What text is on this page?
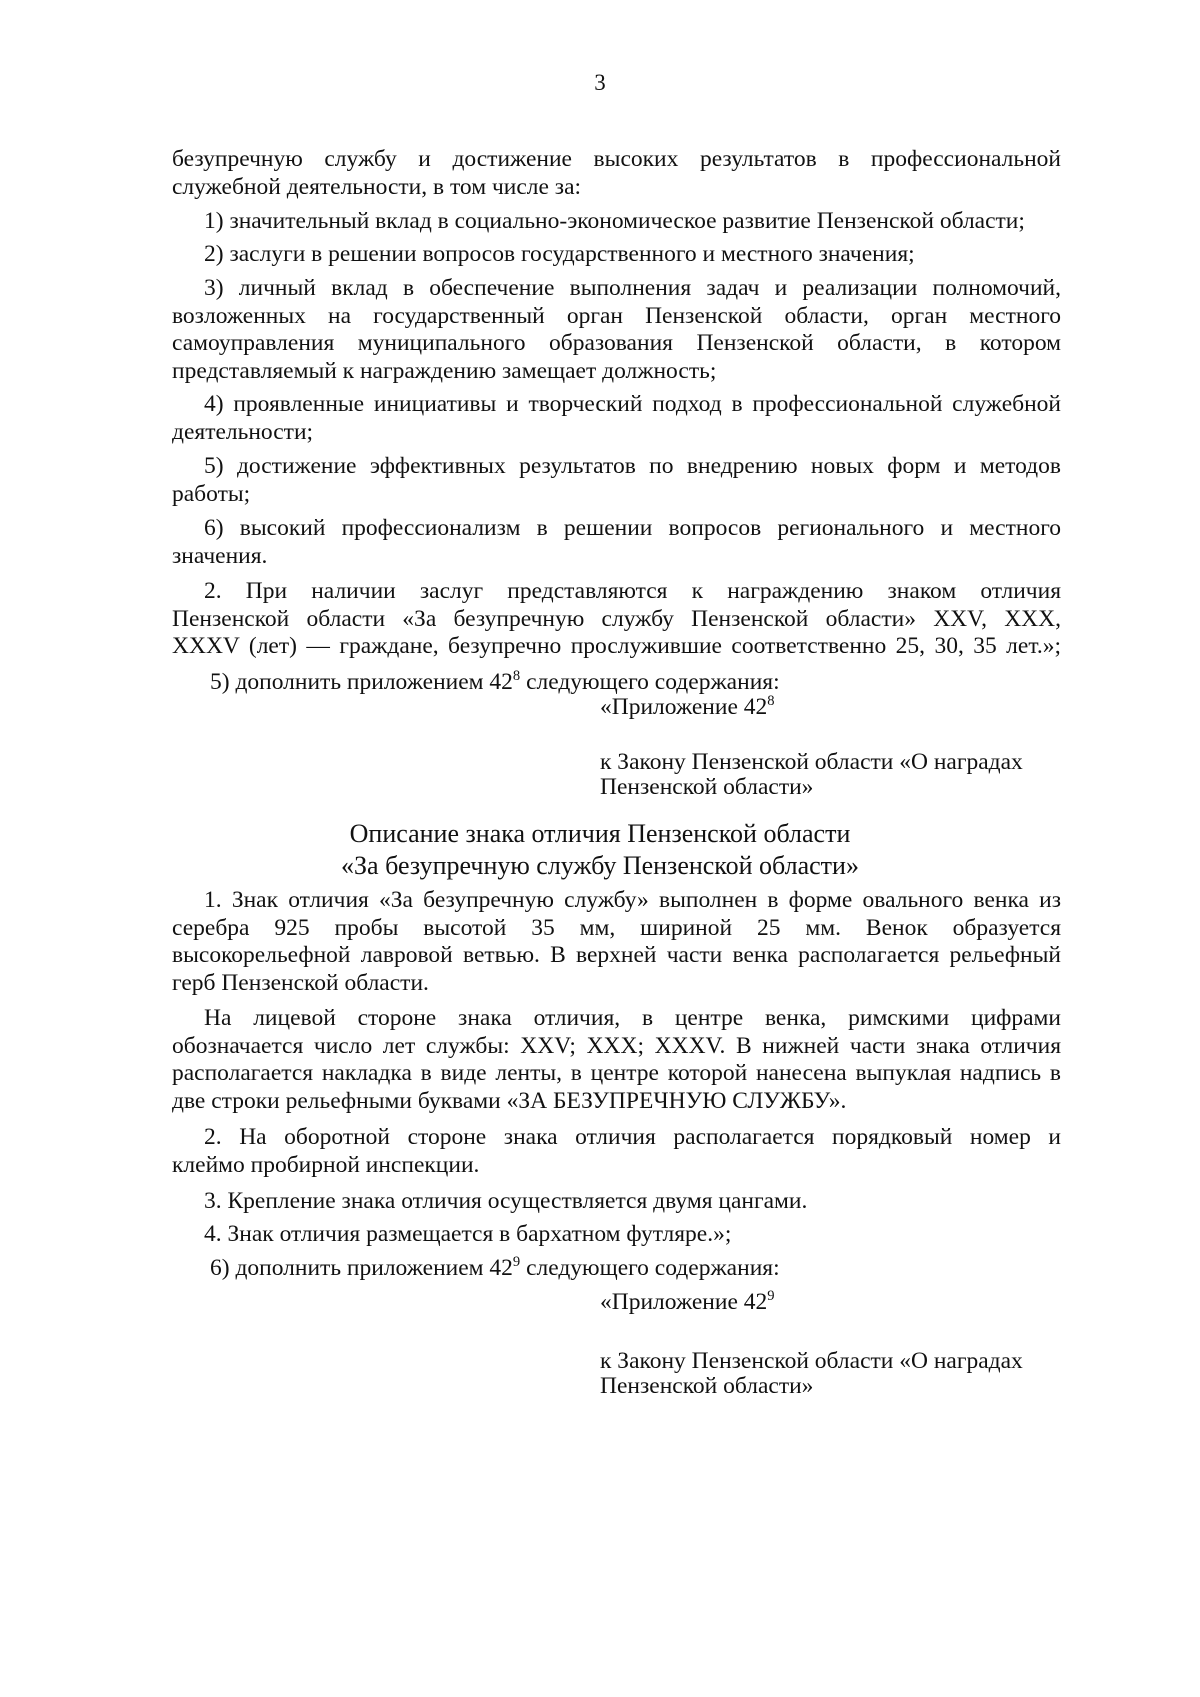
3
безупречную службу и достижение высоких результатов в профессиональной
служебной деятельности, в том числе за:
1) значительный вклад в социально-экономическое развитие Пензенской области;
2) заслуги в решении вопросов государственного и местного значения;
3) личный вклад в обеспечение выполнения задач и реализации полномочий,
возложенных на государственный орган Пензенской области, орган местного
самоуправления муниципального образования Пензенской области, в котором
представляемый к награждению замещает должность;
4) проявленные инициативы и творческий подход в профессиональной служебной
деятельности;
5) достижение эффективных результатов по внедрению новых форм и методов
работы;
6) высокий профессионализм в решении вопросов регионального и местного
значения.
2. При наличии заслуг представляются к награждению знаком отличия
Пензенской области «За безупречную службу Пензенской области» XXV, XXX,
XXXV (лет) — граждане, безупречно прослужившие соответственно 25, 30, 35 лет.»;
5) дополнить приложением $42^8$ следующего содержания:
«Приложение $42^8$
к Закону Пензенской области «О наградах
Пензенской области»
Описание знака отличия Пензенской области
«За безупречную службу Пензенской области»
1. Знак отличия «За безупречную службу» выполнен в форме овального венка из
серебра 925 пробы высотой 35 мм, шириной 25 мм. Венок образуется
высокорельефной лавровой ветвью. В верхней части венка располагается рельефный
герб Пензенской области.
На лицевой стороне знака отличия, в центре венка, римскими цифрами
обозначается число лет службы: XXV; XXX; XXXV. В нижней части знака отличия
располагается накладка в виде ленты, в центре которой нанесена выпуклая надпись в
две строки рельефными буквами «ЗА БЕЗУПРЕЧНУЮ СЛУЖБУ».
2. На оборотной стороне знака отличия располагается порядковый номер и
клеймо пробирной инспекции.
3. Крепление знака отличия осуществляется двумя цангами.
4. Знак отличия размещается в бархатном футляре.»;
6) дополнить приложением $42^9$ следующего содержания:
«Приложение $42^9$
к Закону Пензенской области «О наградах
Пензенской области»
